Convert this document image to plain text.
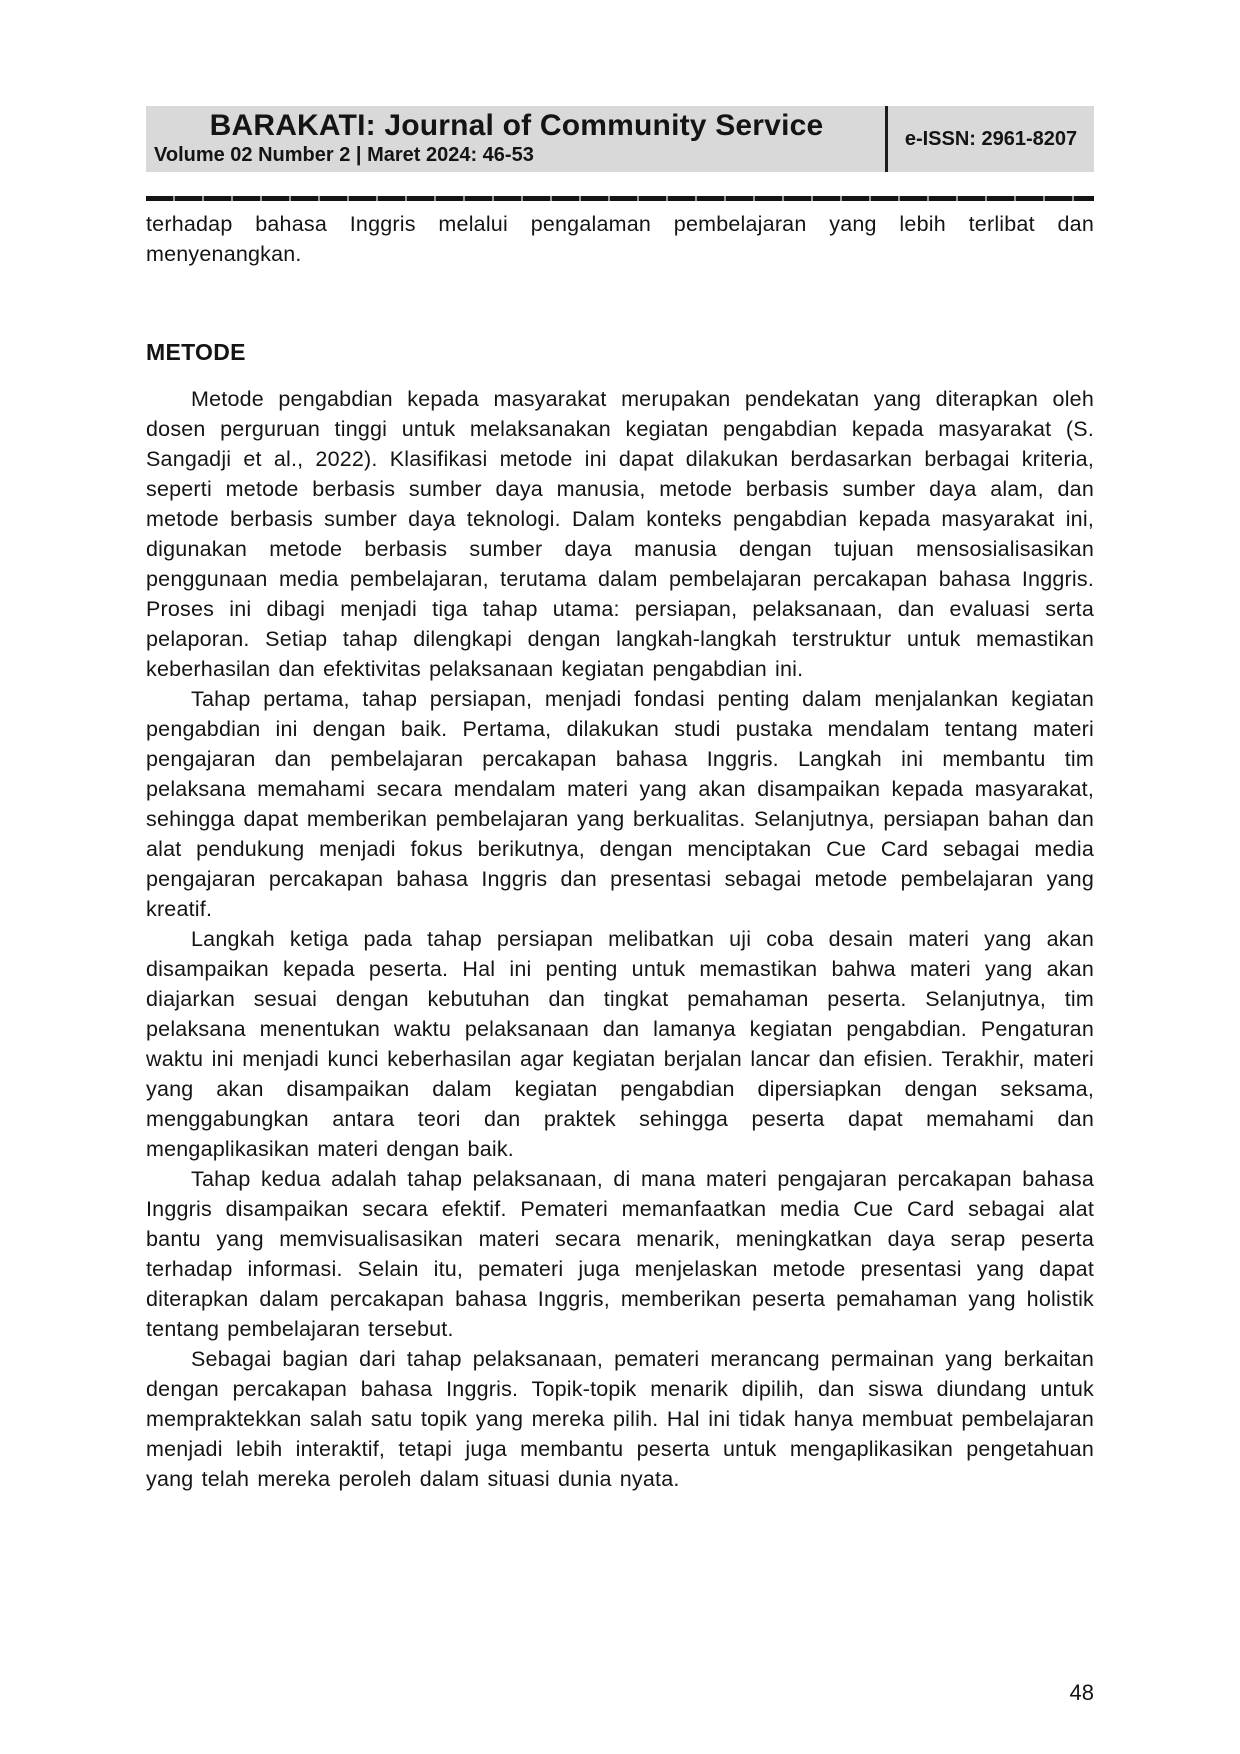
BARAKATI: Journal of Community Service
Volume 02 Number 2 | Maret 2024: 46-53
e-ISSN: 2961-8207

terhadap bahasa Inggris melalui pengalaman pembelajaran yang lebih terlibat dan menyenangkan.

METODE

Metode pengabdian kepada masyarakat merupakan pendekatan yang diterapkan oleh dosen perguruan tinggi untuk melaksanakan kegiatan pengabdian kepada masyarakat (S. Sangadji et al., 2022). Klasifikasi metode ini dapat dilakukan berdasarkan berbagai kriteria, seperti metode berbasis sumber daya manusia, metode berbasis sumber daya alam, dan metode berbasis sumber daya teknologi. Dalam konteks pengabdian kepada masyarakat ini, digunakan metode berbasis sumber daya manusia dengan tujuan mensosialisasikan penggunaan media pembelajaran, terutama dalam pembelajaran percakapan bahasa Inggris. Proses ini dibagi menjadi tiga tahap utama: persiapan, pelaksanaan, dan evaluasi serta pelaporan. Setiap tahap dilengkapi dengan langkah-langkah terstruktur untuk memastikan keberhasilan dan efektivitas pelaksanaan kegiatan pengabdian ini.

Tahap pertama, tahap persiapan, menjadi fondasi penting dalam menjalankan kegiatan pengabdian ini dengan baik. Pertama, dilakukan studi pustaka mendalam tentang materi pengajaran dan pembelajaran percakapan bahasa Inggris. Langkah ini membantu tim pelaksana memahami secara mendalam materi yang akan disampaikan kepada masyarakat, sehingga dapat memberikan pembelajaran yang berkualitas. Selanjutnya, persiapan bahan dan alat pendukung menjadi fokus berikutnya, dengan menciptakan Cue Card sebagai media pengajaran percakapan bahasa Inggris dan presentasi sebagai metode pembelajaran yang kreatif.

Langkah ketiga pada tahap persiapan melibatkan uji coba desain materi yang akan disampaikan kepada peserta. Hal ini penting untuk memastikan bahwa materi yang akan diajarkan sesuai dengan kebutuhan dan tingkat pemahaman peserta. Selanjutnya, tim pelaksana menentukan waktu pelaksanaan dan lamanya kegiatan pengabdian. Pengaturan waktu ini menjadi kunci keberhasilan agar kegiatan berjalan lancar dan efisien. Terakhir, materi yang akan disampaikan dalam kegiatan pengabdian dipersiapkan dengan seksama, menggabungkan antara teori dan praktek sehingga peserta dapat memahami dan mengaplikasikan materi dengan baik.

Tahap kedua adalah tahap pelaksanaan, di mana materi pengajaran percakapan bahasa Inggris disampaikan secara efektif. Pemateri memanfaatkan media Cue Card sebagai alat bantu yang memvisualisasikan materi secara menarik, meningkatkan daya serap peserta terhadap informasi. Selain itu, pemateri juga menjelaskan metode presentasi yang dapat diterapkan dalam percakapan bahasa Inggris, memberikan peserta pemahaman yang holistik tentang pembelajaran tersebut.

Sebagai bagian dari tahap pelaksanaan, pemateri merancang permainan yang berkaitan dengan percakapan bahasa Inggris. Topik-topik menarik dipilih, dan siswa diundang untuk mempraktekkan salah satu topik yang mereka pilih. Hal ini tidak hanya membuat pembelajaran menjadi lebih interaktif, tetapi juga membantu peserta untuk mengaplikasikan pengetahuan yang telah mereka peroleh dalam situasi dunia nyata.

48
